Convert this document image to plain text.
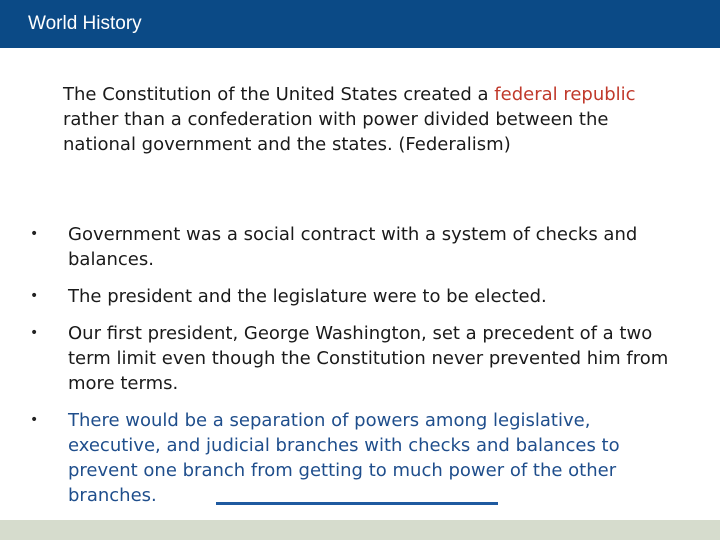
World History
The Constitution of the United States created a federal republic rather than a confederation with power divided between the national government and the states. (Federalism)
• Government was a social contract with a system of checks and balances.
• The president and the legislature were to be elected.
• Our first president, George Washington, set a precedent of a two term limit even though the Constitution never prevented him from more terms.
• There would be a separation of powers among legislative, executive, and judicial branches with checks and balances to prevent one branch from getting to much power of the other branches.
